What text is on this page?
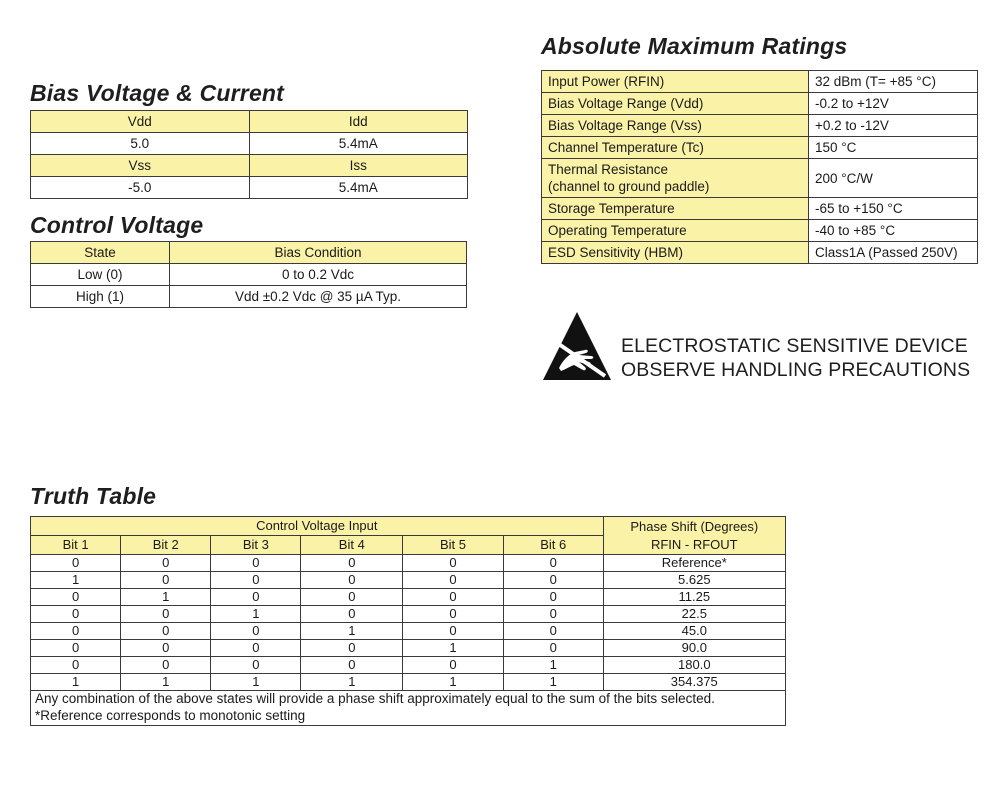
Bias Voltage & Current
Vdd	Idd
5.0	5.4mA
Vss	Iss
-5.0	5.4mA
Control Voltage
State	Bias Condition
Low (0)	0 to 0.2 Vdc
High (1)	Vdd ±0.2 Vdc @ 35 µA Typ.
Absolute Maximum Ratings
Input Power (RFIN)	32 dBm (T= +85 °C)
Bias Voltage Range (Vdd)	-0.2 to +12V
Bias Voltage Range (Vss)	+0.2 to -12V
Channel Temperature (Tc)	150 °C

Thermal Resistance
(channel to ground paddle)	200 °C/W
Storage Temperature	-65 to +150 °C
Operating Temperature	-40 to +85 °C
ESD Sensitivity (HBM)	Class1A (Passed 250V)
ELECTROSTATIC SENSITIVE DEVICE
OBSERVE HANDLING PRECAUTIONS
Truth Table
Control Voltage Input						Phase Shift (Degrees)
RFIN - RFOUT

Bit 1	Bit 2	Bit 3	Bit 4	Bit 5	Bit 6	
0	0	0	0	0	0	Reference*
1	0	0	0	0	0	5.625
0	1	0	0	0	0	11.25
0	0	1	0	0	0	22.5
0	0	0	1	0	0	45.0
0	0	0	0	1	0	90.0
0	0	0	0	0	1	180.0
1	1	1	1	1	1	354.375
Any combination of the above states will provide a phase shift approximately equal to the sum of the bits selected.						
*Reference corresponds to monotonic setting						
